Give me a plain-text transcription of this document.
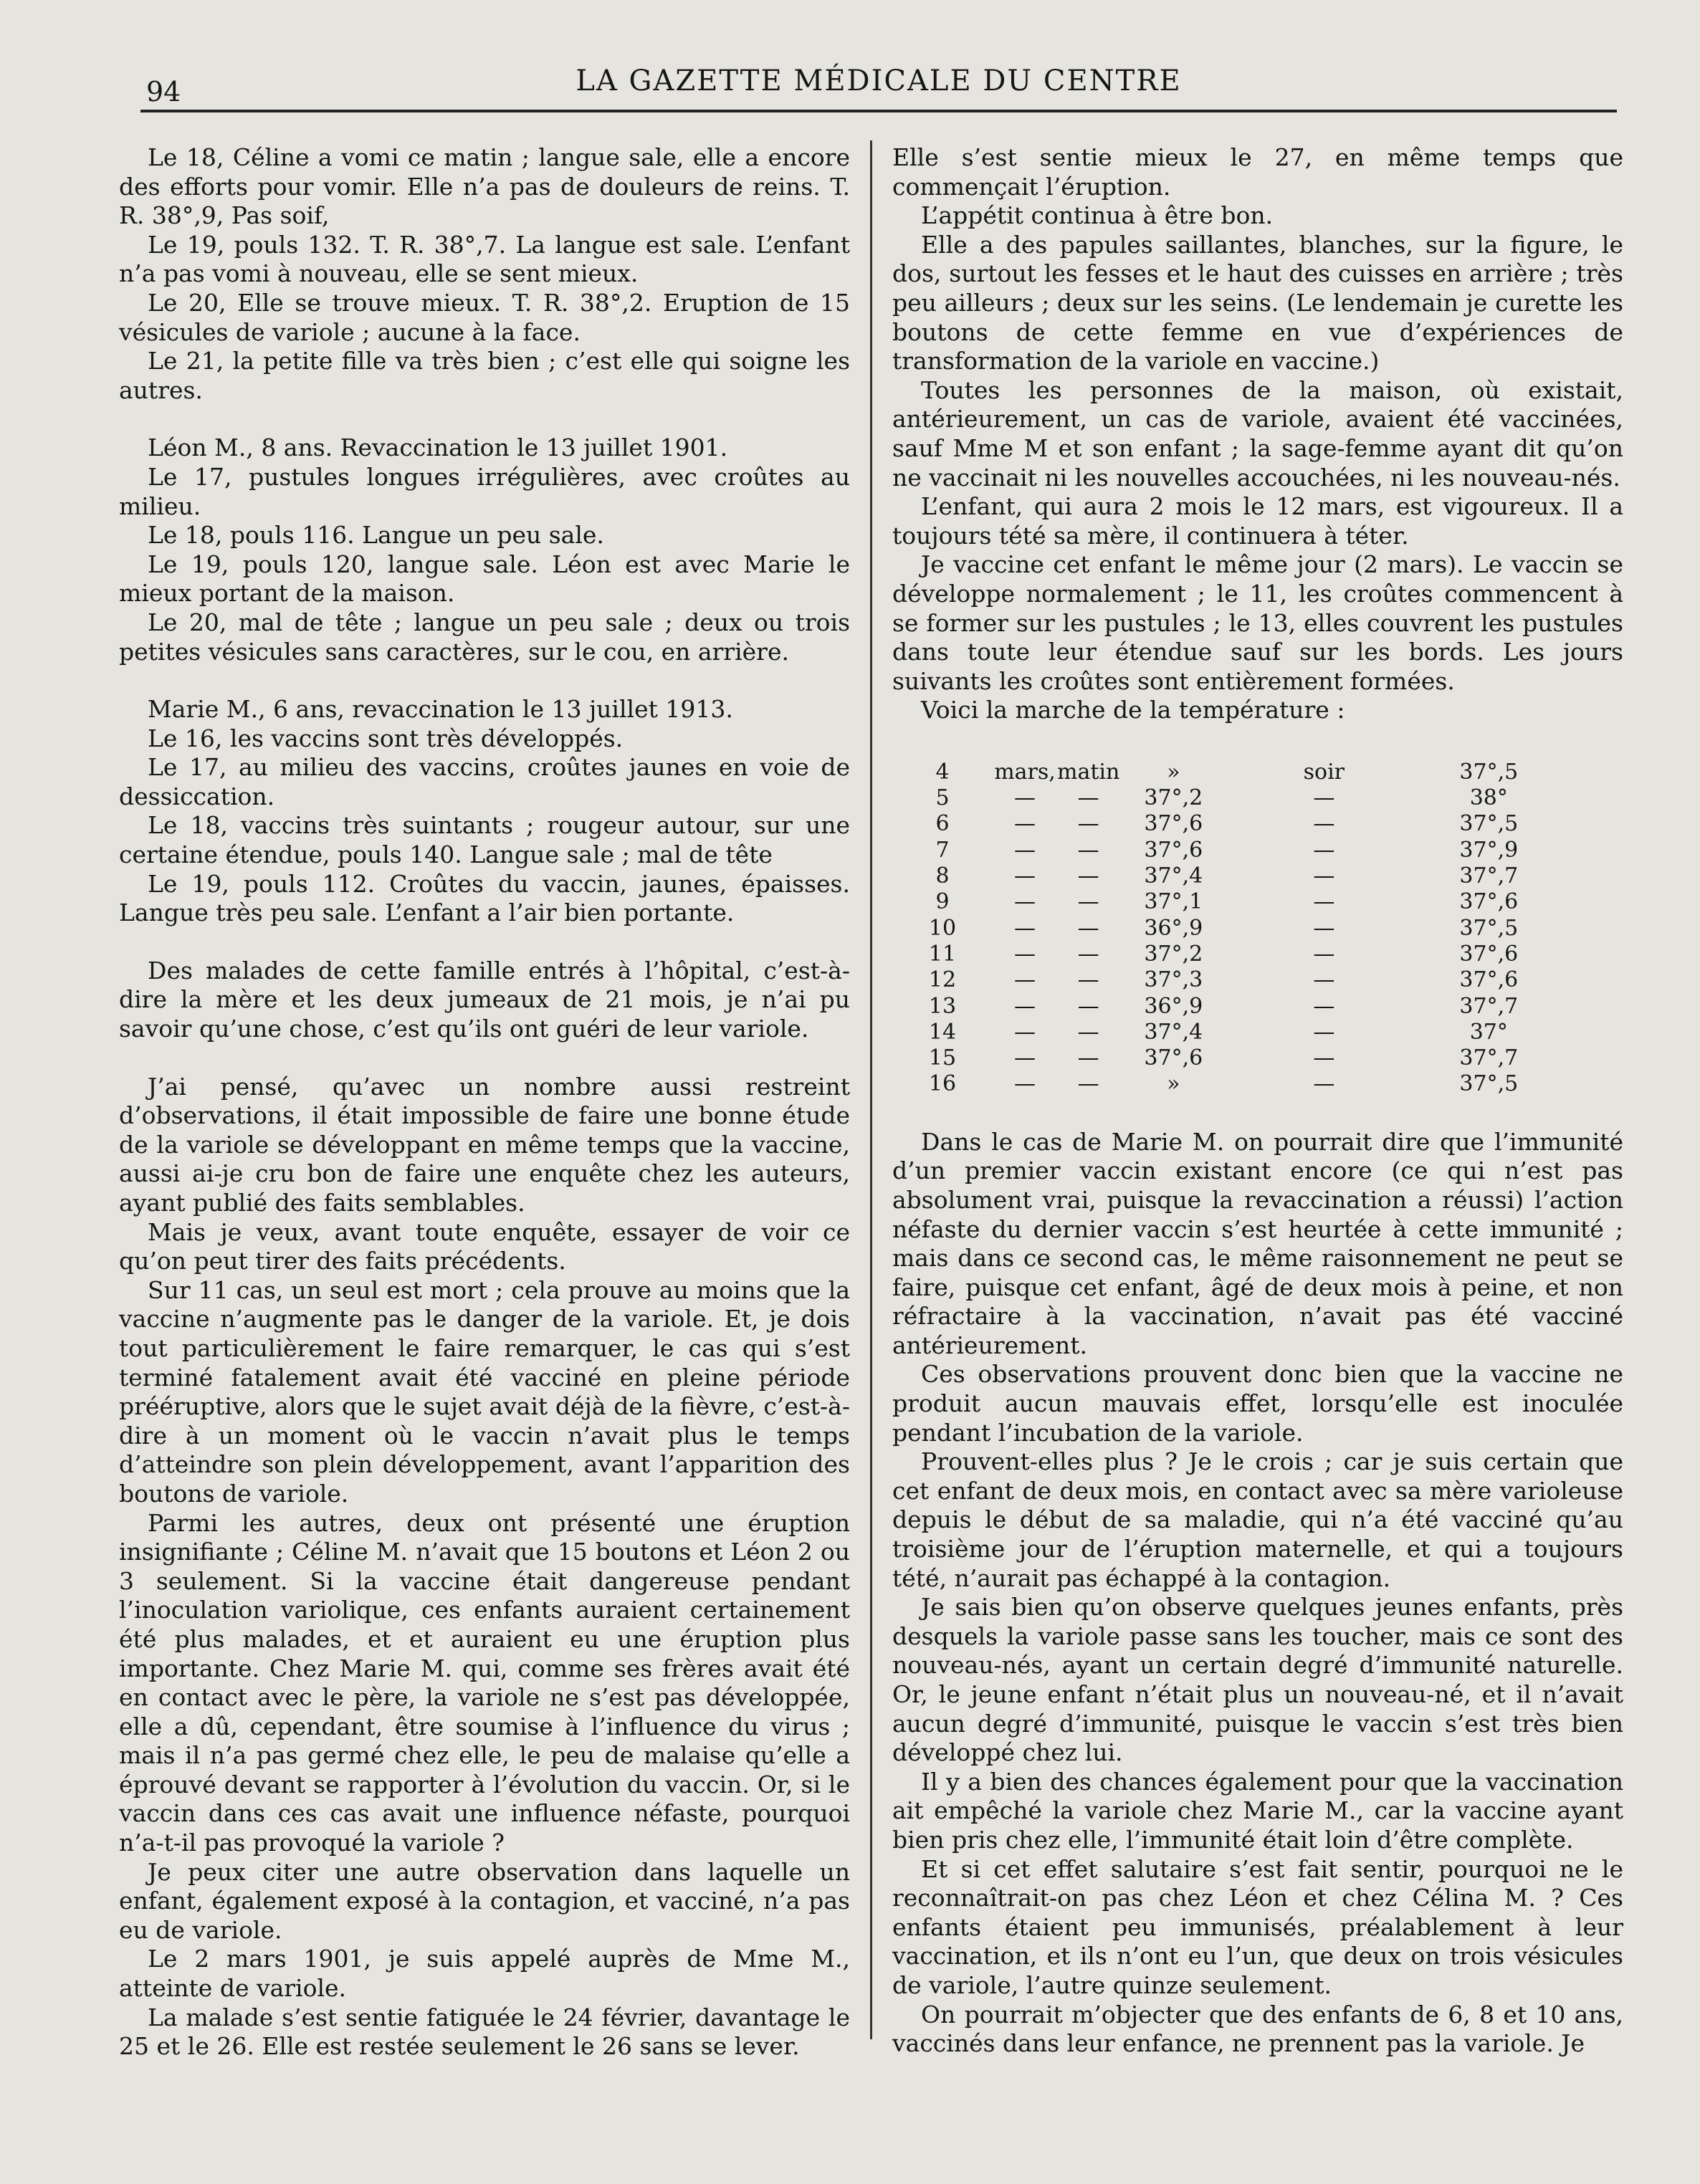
94	LA GAZETTE MÉDICALE DU CENTRE

Le 18, Céline a vomi ce matin ; langue sale, elle a encore des efforts pour vomir. Elle n’a pas de douleurs de reins. T. R. 38°,9, Pas soif,

Le 19, pouls 132. T. R. 38°,7. La langue est sale. L’enfant n’a pas vomi à nouveau, elle se sent mieux.

Le 20, Elle se trouve mieux. T. R. 38°,2. Eruption de 15 vésicules de variole ; aucune à la face.

Le 21, la petite fille va très bien ; c’est elle qui soigne les autres.

Léon M., 8 ans. Revaccination le 13 juillet 1901.

Le 17, pustules longues irrégulières, avec croûtes au milieu.

Le 18, pouls 116. Langue un peu sale.

Le 19, pouls 120, langue sale. Léon est avec Marie le mieux portant de la maison.

Le 20, mal de tête ; langue un peu sale ; deux ou trois petites vésicules sans caractères, sur le cou, en arrière.

Marie M., 6 ans, revaccination le 13 juillet 1913.

Le 16, les vaccins sont très développés.

Le 17, au milieu des vaccins, croûtes jaunes en voie de dessiccation.

Le 18, vaccins très suintants ; rougeur autour, sur une certaine étendue, pouls 140. Langue sale ; mal de tête

Le 19, pouls 112. Croûtes du vaccin, jaunes, épaisses. Langue très peu sale. L’enfant a l’air bien portante.

Des malades de cette famille entrés à l’hôpital, c’est-à-dire la mère et les deux jumeaux de 21 mois, je n’ai pu savoir qu’une chose, c’est qu’ils ont guéri de leur variole.

J’ai pensé, qu’avec un nombre aussi restreint d’observations, il était impossible de faire une bonne étude de la variole se développant en même temps que la vaccine, aussi ai-je cru bon de faire une enquête chez les auteurs, ayant publié des faits semblables.

Mais je veux, avant toute enquête, essayer de voir ce qu’on peut tirer des faits précédents.

Sur 11 cas, un seul est mort ; cela prouve au moins que la vaccine n’augmente pas le danger de la variole. Et, je dois tout particulièrement le faire remarquer, le cas qui s’est terminé fatalement avait été vacciné en pleine période prééruptive, alors que le sujet avait déjà de la fièvre, c’est-à-dire à un moment où le vaccin n’avait plus le temps d’atteindre son plein développement, avant l’apparition des boutons de variole.

Parmi les autres, deux ont présenté une éruption insignifiante ; Céline M. n’avait que 15 boutons et Léon 2 ou 3 seulement. Si la vaccine était dangereuse pendant l’inoculation variolique, ces enfants auraient certainement été plus malades, et et auraient eu une éruption plus importante. Chez Marie M. qui, comme ses frères avait été en contact avec le père, la variole ne s’est pas développée, elle a dû, cependant, être soumise à l’influence du virus ; mais il n’a pas germé chez elle, le peu de malaise qu’elle a éprouvé devant se rapporter à l’évolution du vaccin. Or, si le vaccin dans ces cas avait une influence néfaste, pourquoi n’a-t-il pas provoqué la variole ?

Je peux citer une autre observation dans laquelle un enfant, également exposé à la contagion, et vacciné, n’a pas eu de variole.

Le 2 mars 1901, je suis appelé auprès de Mme M., atteinte de variole.

La malade s’est sentie fatiguée le 24 février, davantage le 25 et le 26. Elle est restée seulement le 26 sans se lever.

Elle s’est sentie mieux le 27, en même temps que commençait l’éruption.

L’appétit continua à être bon.

Elle a des papules saillantes, blanches, sur la figure, le dos, surtout les fesses et le haut des cuisses en arrière ; très peu ailleurs ; deux sur les seins. (Le lendemain je curette les boutons de cette femme en vue d’expériences de transformation de la variole en vaccine.)

Toutes les personnes de la maison, où existait, antérieurement, un cas de variole, avaient été vaccinées, sauf Mme M et son enfant ; la sage-femme ayant dit qu’on ne vaccinait ni les nouvelles accouchées, ni les nouveau-nés.

L’enfant, qui aura 2 mois le 12 mars, est vigoureux. Il a toujours tété sa mère, il continuera à téter.

Je vaccine cet enfant le même jour (2 mars). Le vaccin se développe normalement ; le 11, les croûtes commencent à se former sur les pustules ; le 13, elles couvrent les pustules dans toute leur étendue sauf sur les bords. Les jours suivants les croûtes sont entièrement formées.

Voici la marche de la température :

4	mars,	matin	»	soir	37°,5
5	—	—	37°,2	—	38°
6	—	—	37°,6	—	37°,5
7	—	—	37°,6	—	37°,9
8	—	—	37°,4	—	37°,7
9	—	—	37°,1	—	37°,6
10	—	—	36°,9	—	37°,5
11	—	—	37°,2	—	37°,6
12	—	—	37°,3	—	37°,6
13	—	—	36°,9	—	37°,7
14	—	—	37°,4	—	37°
15	—	—	37°,6	—	37°,7
16	—	—	»	—	37°,5

Dans le cas de Marie M. on pourrait dire que l’immunité d’un premier vaccin existant encore (ce qui n’est pas absolument vrai, puisque la revaccination a réussi) l’action néfaste du dernier vaccin s’est heurtée à cette immunité ; mais dans ce second cas, le même raisonnement ne peut se faire, puisque cet enfant, âgé de deux mois à peine, et non réfractaire à la vaccination, n’avait pas été vacciné antérieurement.

Ces observations prouvent donc bien que la vaccine ne produit aucun mauvais effet, lorsqu’elle est inoculée pendant l’incubation de la variole.

Prouvent-elles plus ? Je le crois ; car je suis certain que cet enfant de deux mois, en contact avec sa mère varioleuse depuis le début de sa maladie, qui n’a été vacciné qu’au troisième jour de l’éruption maternelle, et qui a toujours tété, n’aurait pas échappé à la contagion.

Je sais bien qu’on observe quelques jeunes enfants, près desquels la variole passe sans les toucher, mais ce sont des nouveau-nés, ayant un certain degré d’immunité naturelle. Or, le jeune enfant n’était plus un nouveau-né, et il n’avait aucun degré d’immunité, puisque le vaccin s’est très bien développé chez lui.

Il y a bien des chances également pour que la vaccination ait empêché la variole chez Marie M., car la vaccine ayant bien pris chez elle, l’immunité était loin d’être complète.

Et si cet effet salutaire s’est fait sentir, pourquoi ne le reconnaîtrait-on pas chez Léon et chez Célina M. ? Ces enfants étaient peu immunisés, préalablement à leur vaccination, et ils n’ont eu l’un, que deux on trois vésicules de variole, l’autre quinze seulement.

On pourrait m’objecter que des enfants de 6, 8 et 10 ans, vaccinés dans leur enfance, ne prennent pas la variole. Je
